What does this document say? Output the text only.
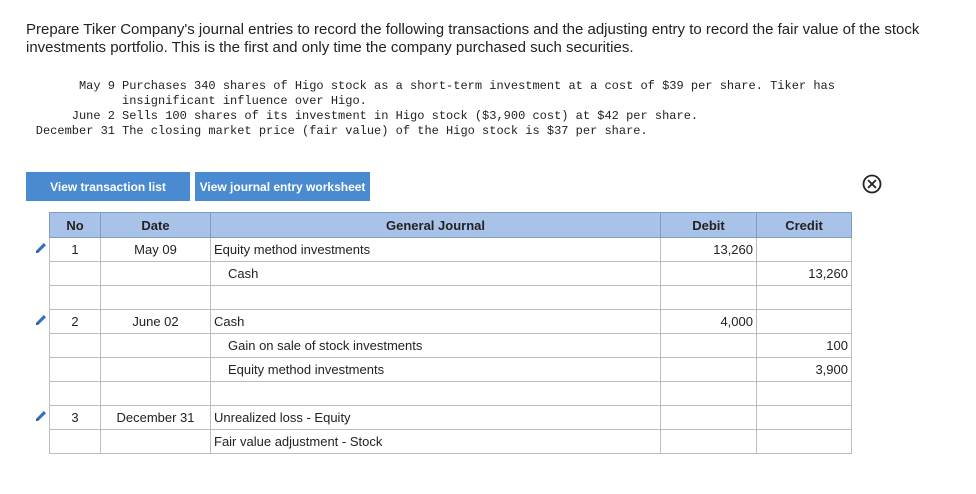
Prepare Tiker Company's journal entries to record the following transactions and the adjusting entry to record the fair value of the stock investments portfolio. This is the first and only time the company purchased such securities.
May 9	Purchases 340 shares of Higo stock as a short-term investment at a cost of $39 per share. Tiker has insignificant influence over Higo.
June 2	Sells 100 shares of its investment in Higo stock ($3,900 cost) at $42 per share.
December 31	The closing market price (fair value) of the Higo stock is $37 per share.
View transaction list	View journal entry worksheet
	No	Date	General Journal	Debit	Credit
	1	May 09	Equity method investments	13,260	
			Cash		13,260

	2	June 02	Cash	4,000	
			Gain on sale of stock investments		100
			Equity method investments		3,900

	3	December 31	Unrealized loss - Equity		
			Fair value adjustment - Stock		
